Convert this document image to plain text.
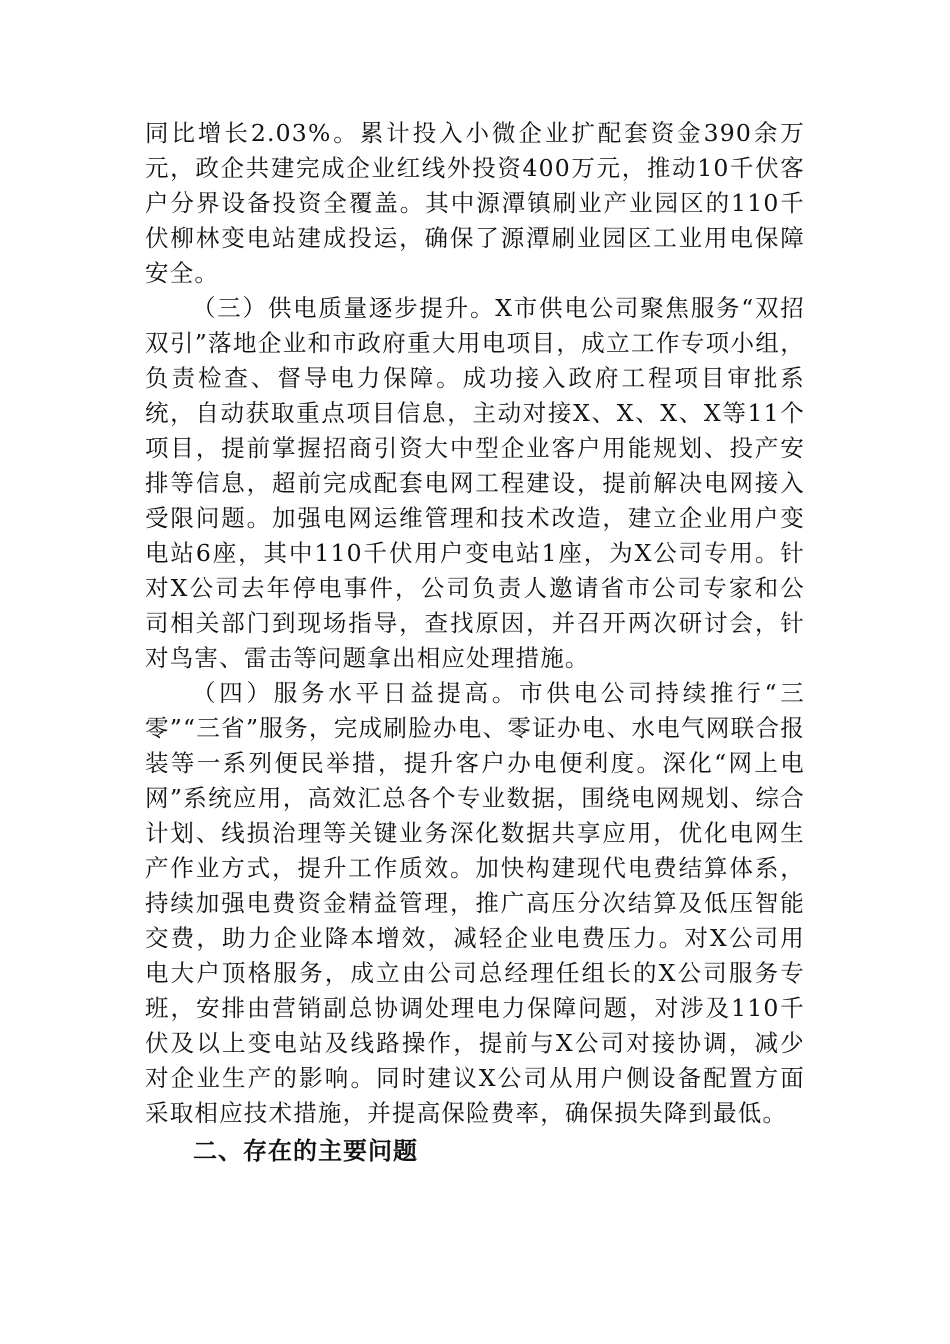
同比增长2.03%。累计投入小微企业扩配套资金390余万元，政企共建完成企业红线外投资400万元，推动10千伏客户分界设备投资全覆盖。其中源潭镇刷业产业园区的110千伏柳林变电站建成投运，确保了源潭刷业园区工业用电保障安全。

（三）供电质量逐步提升。X市供电公司聚焦服务“双招双引”落地企业和市政府重大用电项目，成立工作专项小组，负责检查、督导电力保障。成功接入政府工程项目审批系统，自动获取重点项目信息，主动对接X、X、X、X等11个项目，提前掌握招商引资大中型企业客户用能规划、投产安排等信息，超前完成配套电网工程建设，提前解决电网接入受限问题。加强电网运维管理和技术改造，建立企业用户变电站6座，其中110千伏用户变电站1座，为X公司专用。针对X公司去年停电事件，公司负责人邀请省市公司专家和公司相关部门到现场指导，查找原因，并召开两次研讨会，针对鸟害、雷击等问题拿出相应处理措施。

（四）服务水平日益提高。市供电公司持续推行“三零”“三省”服务，完成刷脸办电、零证办电、水电气网联合报装等一系列便民举措，提升客户办电便利度。深化“网上电网”系统应用，高效汇总各个专业数据，围绕电网规划、综合计划、线损治理等关键业务深化数据共享应用，优化电网生产作业方式，提升工作质效。加快构建现代电费结算体系，持续加强电费资金精益管理，推广高压分次结算及低压智能交费，助力企业降本增效，减轻企业电费压力。对X公司用电大户顶格服务，成立由公司总经理任组长的X公司服务专班，安排由营销副总协调处理电力保障问题，对涉及110千伏及以上变电站及线路操作，提前与X公司对接协调，减少对企业生产的影响。同时建议X公司从用户侧设备配置方面采取相应技术措施，并提高保险费率，确保损失降到最低。

二、存在的主要问题
